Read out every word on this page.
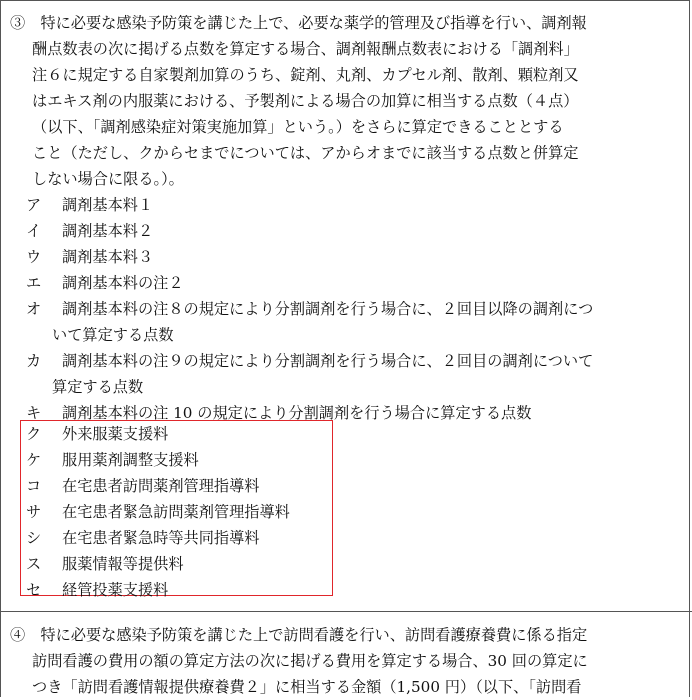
③　特に必要な感染予防策を講じた上で、必要な薬学的管理及び指導を行い、調剤報
酬点数表の次に掲げる点数を算定する場合、調剤報酬点数表における「調剤料」
注６に規定する自家製剤加算のうち、錠剤、丸剤、カプセル剤、散剤、顆粒剤又
はエキス剤の内服薬における、予製剤による場合の加算に相当する点数（４点）
（以下、「調剤感染症対策実施加算」という。）をさらに算定できることとする
こと（ただし、クからセまでについては、アからオまでに該当する点数と併算定
しない場合に限る。）。
ア	調剤基本料１
イ	調剤基本料２
ウ	調剤基本料３
エ	調剤基本料の注２
オ	調剤基本料の注８の規定により分割調剤を行う場合に、２回目以降の調剤につ
いて算定する点数
カ	調剤基本料の注９の規定により分割調剤を行う場合に、２回目の調剤について
算定する点数
キ	調剤基本料の注 10 の規定により分割調剤を行う場合に算定する点数
ク	外来服薬支援料
ケ	服用薬剤調整支援料
コ	在宅患者訪問薬剤管理指導料
サ	在宅患者緊急訪問薬剤管理指導料
シ	在宅患者緊急時等共同指導料
ス	服薬情報等提供料
セ	経管投薬支援料
④　特に必要な感染予防策を講じた上で訪問看護を行い、訪問看護療養費に係る指定
訪問看護の費用の額の算定方法の次に掲げる費用を算定する場合、30 回の算定に
つき「訪問看護情報提供療養費２」に相当する金額（1,500 円）（以下、「訪問看
